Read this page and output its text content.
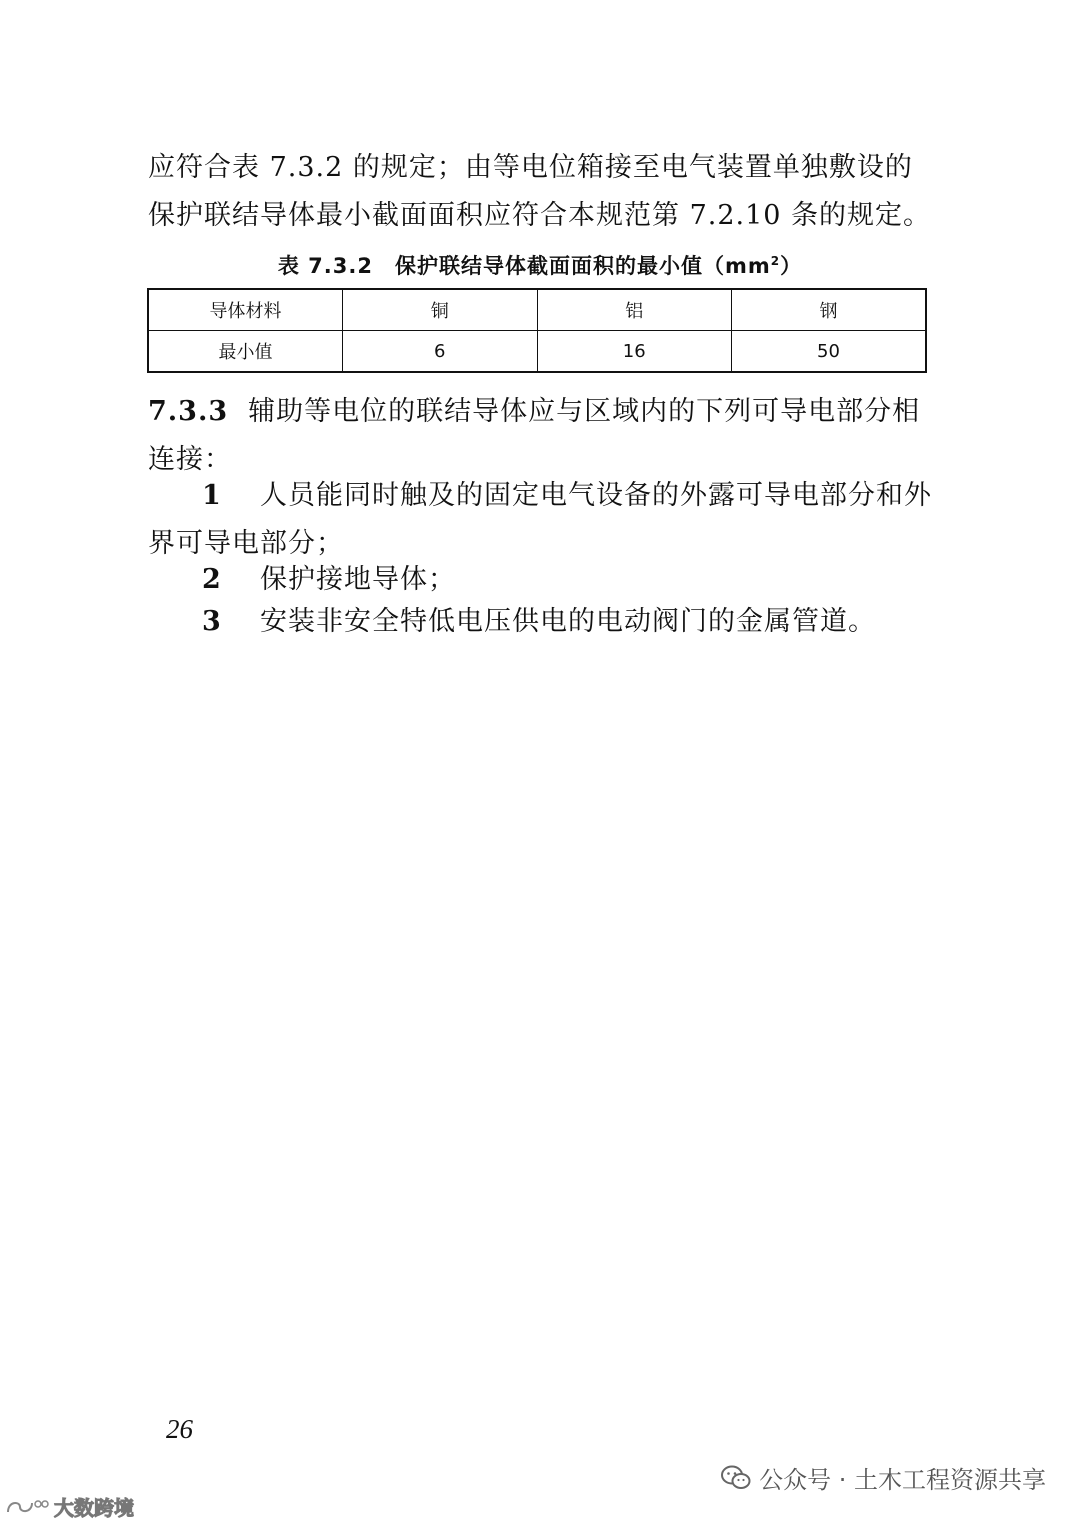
应符合表 7.3.2 的规定；由等电位箱接至电气装置单独敷设的保护联结导体最小截面面积应符合本规范第 7.2.10 条的规定。

表 7.3.2　保护联结导体截面面积的最小值$(mm^2)$
导体材料	铜	铝	钢
最小值	6	16	50

7.3.3 辅助等电位的联结导体应与区域内的下列可导电部分相连接：

1 人员能同时触及的固定电气设备的外露可导电部分和外界可导电部分；

2 保护接地导体；

3 安装非安全特低电压供电的电动阀门的金属管道。

26
公众号 · 土木工程资源共享
大数跨境
